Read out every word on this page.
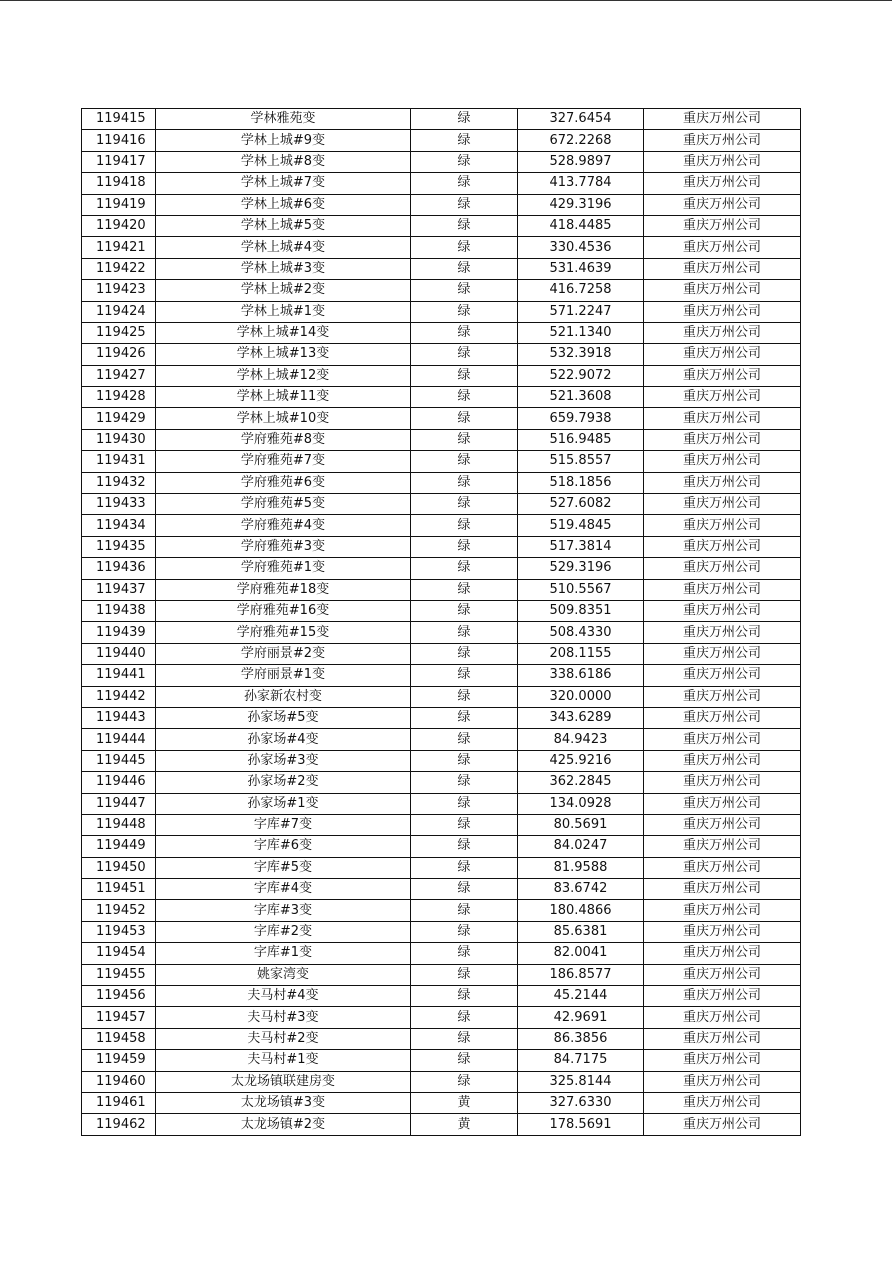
119415	学林雅苑变	绿	327.6454	重庆万州公司
119416	学林上城#9变	绿	672.2268	重庆万州公司
119417	学林上城#8变	绿	528.9897	重庆万州公司
119418	学林上城#7变	绿	413.7784	重庆万州公司
119419	学林上城#6变	绿	429.3196	重庆万州公司
119420	学林上城#5变	绿	418.4485	重庆万州公司
119421	学林上城#4变	绿	330.4536	重庆万州公司
119422	学林上城#3变	绿	531.4639	重庆万州公司
119423	学林上城#2变	绿	416.7258	重庆万州公司
119424	学林上城#1变	绿	571.2247	重庆万州公司
119425	学林上城#14变	绿	521.1340	重庆万州公司
119426	学林上城#13变	绿	532.3918	重庆万州公司
119427	学林上城#12变	绿	522.9072	重庆万州公司
119428	学林上城#11变	绿	521.3608	重庆万州公司
119429	学林上城#10变	绿	659.7938	重庆万州公司
119430	学府雅苑#8变	绿	516.9485	重庆万州公司
119431	学府雅苑#7变	绿	515.8557	重庆万州公司
119432	学府雅苑#6变	绿	518.1856	重庆万州公司
119433	学府雅苑#5变	绿	527.6082	重庆万州公司
119434	学府雅苑#4变	绿	519.4845	重庆万州公司
119435	学府雅苑#3变	绿	517.3814	重庆万州公司
119436	学府雅苑#1变	绿	529.3196	重庆万州公司
119437	学府雅苑#18变	绿	510.5567	重庆万州公司
119438	学府雅苑#16变	绿	509.8351	重庆万州公司
119439	学府雅苑#15变	绿	508.4330	重庆万州公司
119440	学府丽景#2变	绿	208.1155	重庆万州公司
119441	学府丽景#1变	绿	338.6186	重庆万州公司
119442	孙家新农村变	绿	320.0000	重庆万州公司
119443	孙家场#5变	绿	343.6289	重庆万州公司
119444	孙家场#4变	绿	84.9423	重庆万州公司
119445	孙家场#3变	绿	425.9216	重庆万州公司
119446	孙家场#2变	绿	362.2845	重庆万州公司
119447	孙家场#1变	绿	134.0928	重庆万州公司
119448	字库#7变	绿	80.5691	重庆万州公司
119449	字库#6变	绿	84.0247	重庆万州公司
119450	字库#5变	绿	81.9588	重庆万州公司
119451	字库#4变	绿	83.6742	重庆万州公司
119452	字库#3变	绿	180.4866	重庆万州公司
119453	字库#2变	绿	85.6381	重庆万州公司
119454	字库#1变	绿	82.0041	重庆万州公司
119455	姚家湾变	绿	186.8577	重庆万州公司
119456	夫马村#4变	绿	45.2144	重庆万州公司
119457	夫马村#3变	绿	42.9691	重庆万州公司
119458	夫马村#2变	绿	86.3856	重庆万州公司
119459	夫马村#1变	绿	84.7175	重庆万州公司
119460	太龙场镇联建房变	绿	325.8144	重庆万州公司
119461	太龙场镇#3变	黄	327.6330	重庆万州公司
119462	太龙场镇#2变	黄	178.5691	重庆万州公司
